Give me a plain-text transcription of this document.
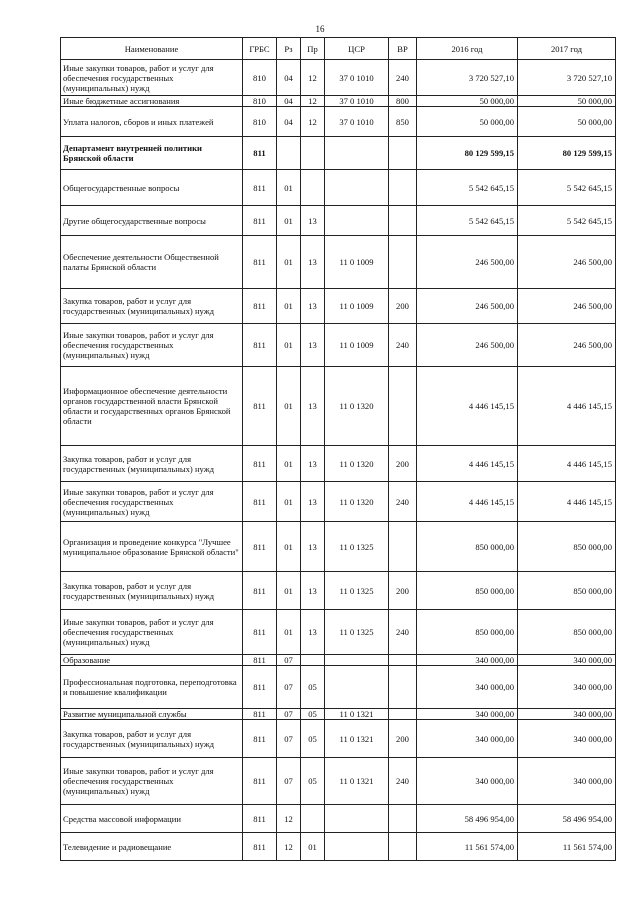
16
Наименование	ГРБС	Рз	Пр	ЦСР	ВР	2016 год	2017 год
Иные закупки товаров, работ и услуг для обеспечения государственных (муниципальных) нужд	810	04	12	37 0 1010	240	3 720 527,10	3 720 527,10
Иные бюджетные ассигнования	810	04	12	37 0 1010	800	50 000,00	50 000,00
Уплата налогов, сборов и иных платежей	810	04	12	37 0 1010	850	50 000,00	50 000,00
Департамент внутренней политики Брянской области	811					80 129 599,15	80 129 599,15
Общегосударственные вопросы	811	01				5 542 645,15	5 542 645,15
Другие общегосударственные вопросы	811	01	13			5 542 645,15	5 542 645,15
Обеспечение деятельности Общественной палаты Брянской области	811	01	13	11 0 1009		246 500,00	246 500,00
Закупка товаров, работ и услуг для государственных (муниципальных) нужд	811	01	13	11 0 1009	200	246 500,00	246 500,00
Иные закупки товаров, работ и услуг для обеспечения государственных (муниципальных) нужд	811	01	13	11 0 1009	240	246 500,00	246 500,00
Информационное обеспечение деятельности органов государственной власти Брянской области и государственных органов Брянской области	811	01	13	11 0 1320		4 446 145,15	4 446 145,15
Закупка товаров, работ и услуг для государственных (муниципальных) нужд	811	01	13	11 0 1320	200	4 446 145,15	4 446 145,15
Иные закупки товаров, работ и услуг для обеспечения государственных (муниципальных) нужд	811	01	13	11 0 1320	240	4 446 145,15	4 446 145,15
Организация и проведение конкурса "Лучшее муниципальное образование Брянской области"	811	01	13	11 0 1325		850 000,00	850 000,00
Закупка товаров, работ и услуг для государственных (муниципальных) нужд	811	01	13	11 0 1325	200	850 000,00	850 000,00
Иные закупки товаров, работ и услуг для обеспечения государственных (муниципальных) нужд	811	01	13	11 0 1325	240	850 000,00	850 000,00
Образование	811	07				340 000,00	340 000,00
Профессиональная подготовка, переподготовка и повышение квалификации	811	07	05			340 000,00	340 000,00
Развитие муниципальной службы	811	07	05	11 0 1321		340 000,00	340 000,00
Закупка товаров, работ и услуг для государственных (муниципальных) нужд	811	07	05	11 0 1321	200	340 000,00	340 000,00
Иные закупки товаров, работ и услуг для обеспечения государственных (муниципальных) нужд	811	07	05	11 0 1321	240	340 000,00	340 000,00
Средства массовой информации	811	12				58 496 954,00	58 496 954,00
Телевидение и радиовещание	811	12	01			11 561 574,00	11 561 574,00
